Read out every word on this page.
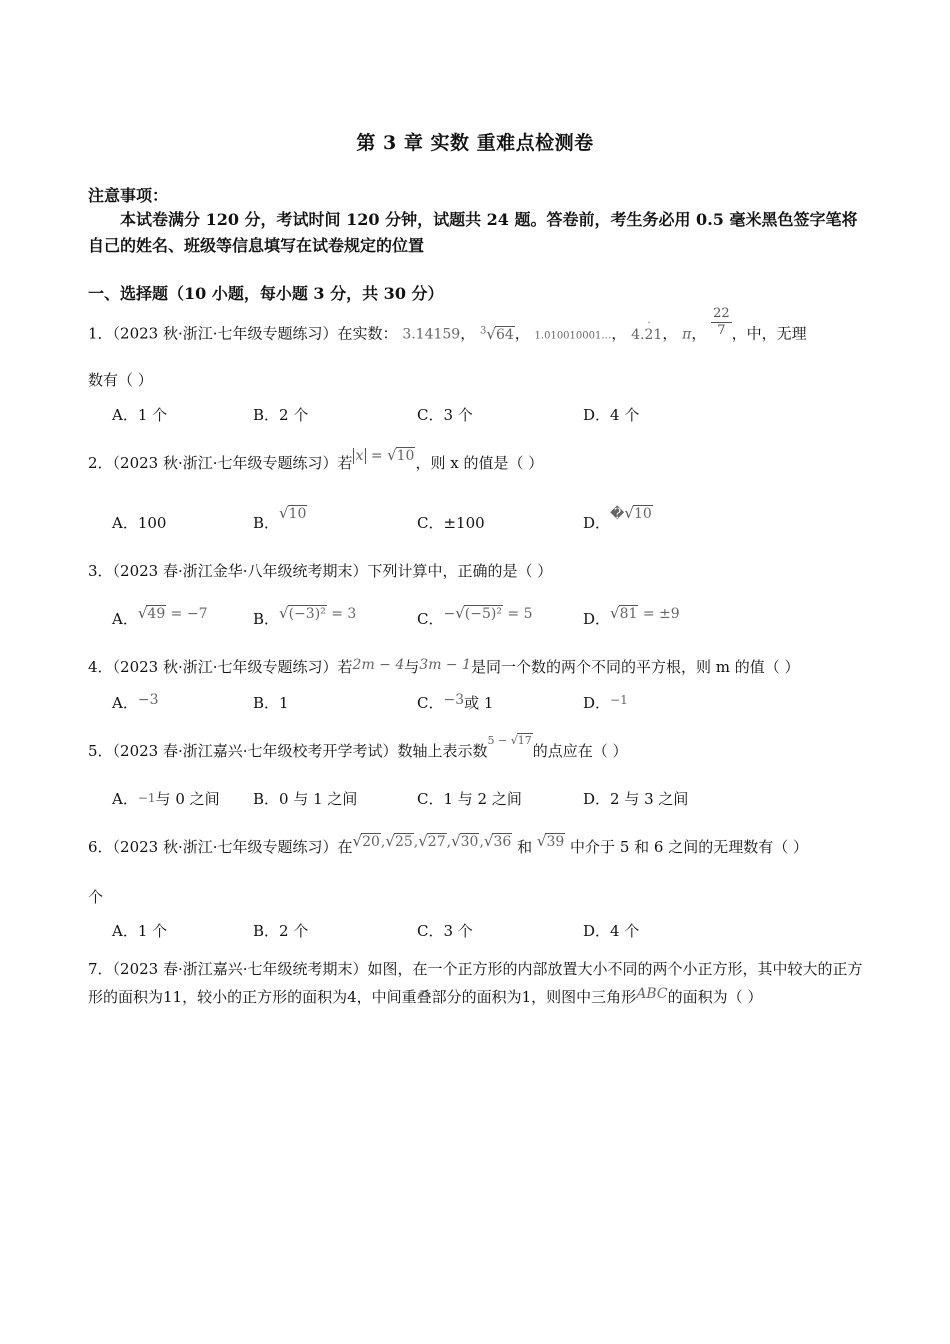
第 3 章 实数 重难点检测卷
注意事项：
本试卷满分 120 分，考试时间 120 分钟，试题共 24 题。答卷前，考生务必用 0.5 毫米黑色签字笔将自己的姓名、班级等信息填写在试卷规定的位置
一、选择题（10 小题，每小题 3 分，共 30 分）
1．（2023 秋·浙江·七年级专题练习）在实数： 3.14159， $^3$√64， 1.010010001…， 4.
·
21， π， $\frac{22}{7}$ ，中，无理
数有（ ）
A．1 个	B．2 个	C．3 个	D．4 个
2．（2023 秋·浙江·七年级专题练习）若 x = √10，则 x 的值是（ ）
A．100	B．√10	C．±100	D．�√10
3．（2023 春·浙江金华·八年级统考期末）下列计算中，正确的是（ ）
A．√49 = −7	B．√(−3)² = 3	C．−√(−5)² = 5	D．√81 = ±9
4．（2023 秋·浙江·七年级专题练习）若2m − 4与3m − 1是同一个数的两个不同的平方根，则 m 的值（ ）
A．−3	B．1	C．−3或 1	D．$^{-1}$
5．（2023 春·浙江嘉兴·七年级校考开学考试）数轴上表示数$^{5 - √17}$的点应在（ ）
A．−1与 0 之间 B．0 与 1 之间	C．1 与 2 之间	D．2 与 3 之间
6．（2023 秋·浙江·七年级专题练习）在√20,√25,√27,√30,√36 和 √39 中介于 5 和 6 之间的无理数有（ ）
个
A．1 个	B．2 个	C．3 个	D．4 个
7．（2023 春·浙江嘉兴·七年级统考期末）如图，在一个正方形的内部放置大小不同的两个小正方形，其中较大的正方形的面积为11，较小的正方形的面积为4，中间重叠部分的面积为1，则图中三角形ABC的面积为（ ）
